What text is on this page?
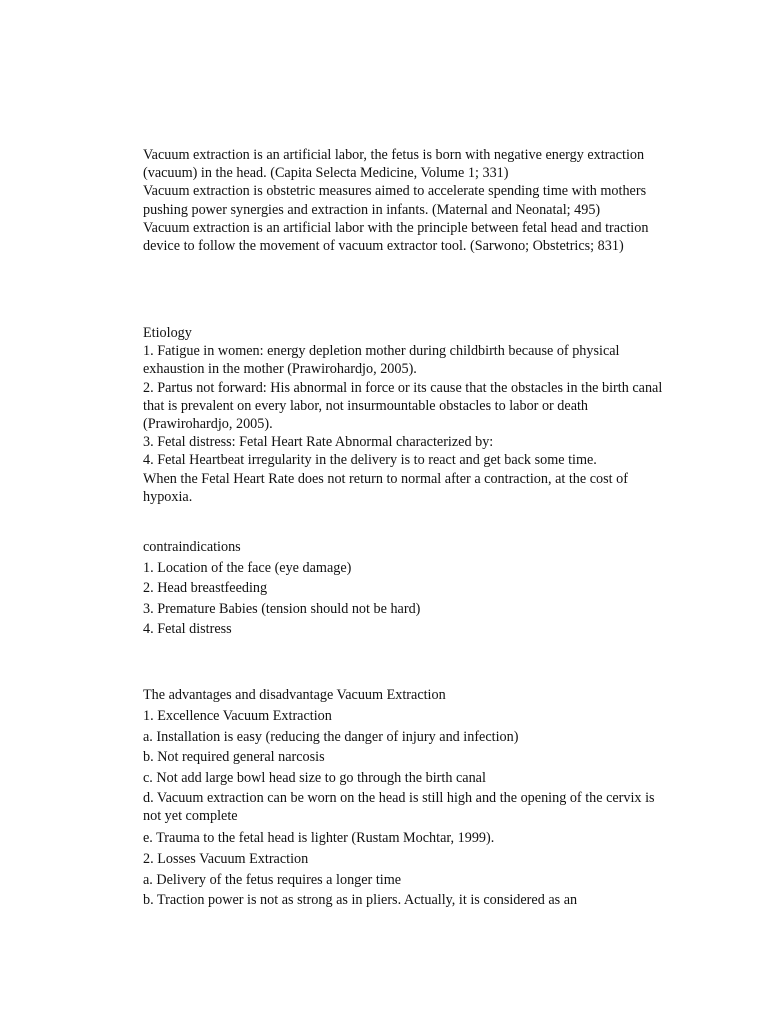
Vacuum extraction is an artificial labor, the fetus is born with negative energy extraction (vacuum) in the head. (Capita Selecta Medicine, Volume 1; 331)

Vacuum extraction is obstetric measures aimed to accelerate spending time with mothers pushing power synergies and extraction in infants. (Maternal and Neonatal; 495)

Vacuum extraction is an artificial labor with the principle between fetal head and traction device to follow the movement of vacuum extractor tool. (Sarwono; Obstetrics; 831)

Etiology

1. Fatigue in women: energy depletion mother during childbirth because of physical exhaustion in the mother (Prawirohardjo, 2005).

2. Partus not forward: His abnormal in force or its cause that the obstacles in the birth canal that is prevalent on every labor, not insurmountable obstacles to labor or death (Prawirohardjo, 2005).

3. Fetal distress: Fetal Heart Rate Abnormal characterized by:

4. Fetal Heartbeat irregularity in the delivery is to react and get back some time.

When the Fetal Heart Rate does not return to normal after a contraction, at the cost of hypoxia.

contraindications

1. Location of the face (eye damage)

2. Head breastfeeding

3. Premature Babies (tension should not be hard)

4. Fetal distress

The advantages and disadvantage Vacuum Extraction

1. Excellence Vacuum Extraction

a. Installation is easy (reducing the danger of injury and infection)

b. Not required general narcosis

c. Not add large bowl head size to go through the birth canal

d. Vacuum extraction can be worn on the head is still high and the opening of the cervix is not yet complete

e. Trauma to the fetal head is lighter (Rustam Mochtar, 1999).

2. Losses Vacuum Extraction

a. Delivery of the fetus requires a longer time

b. Traction power is not as strong as in pliers. Actually, it is considered as an
